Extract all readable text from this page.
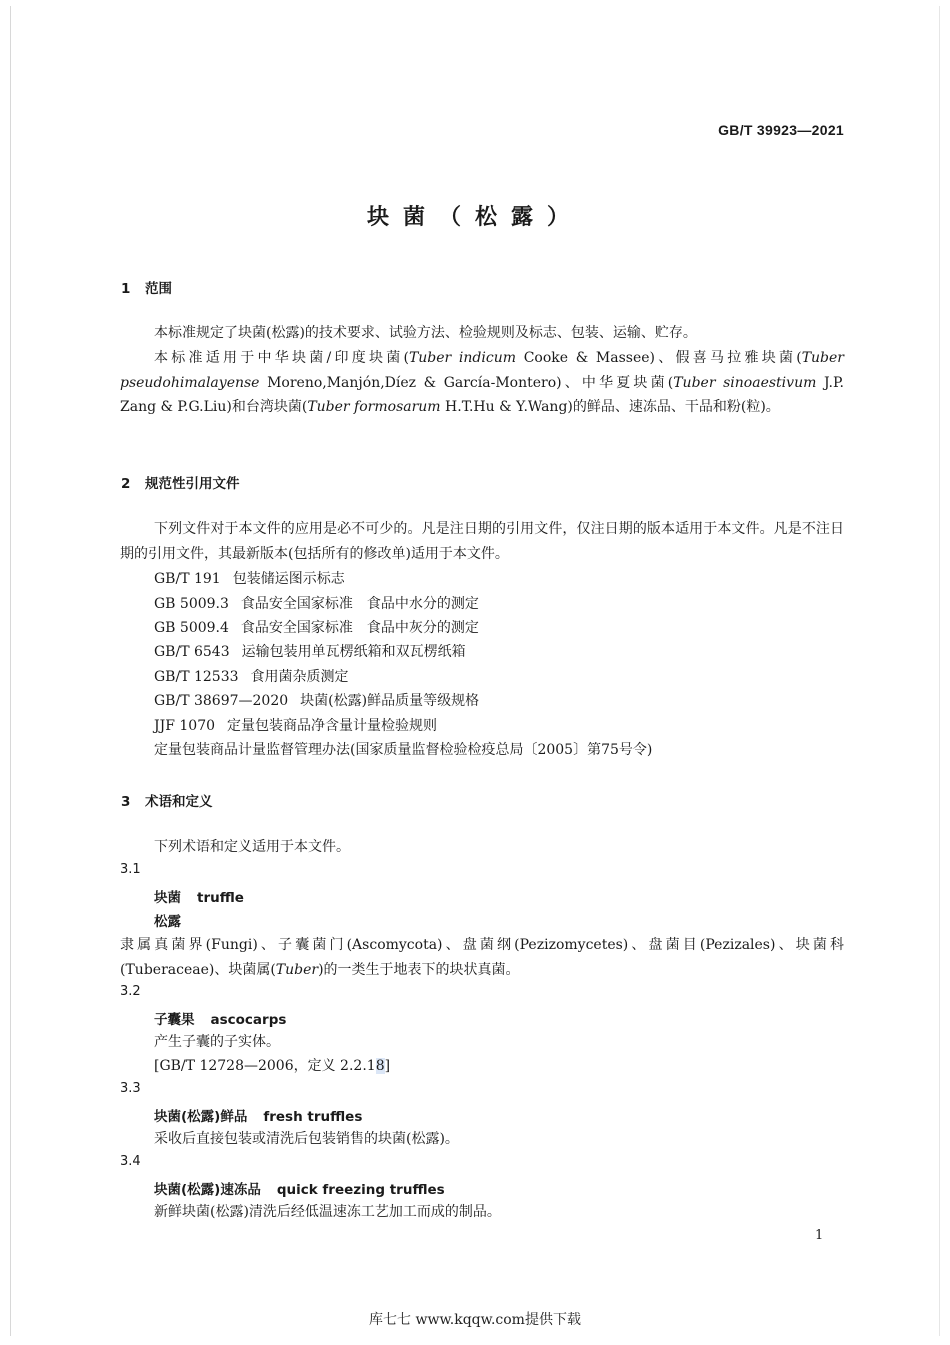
GB/T 39923—2021
块菌（松露）
1 范围
本标准规定了块菌(松露)的技术要求、试验方法、检验规则及标志、包装、运输、贮存。
本标准适用于中华块菌/印度块菌(Tuber indicum Cooke & Massee)、假喜马拉雅块菌(Tuber pseudohimalayense Moreno,Manjón,Díez & García-Montero)、中华夏块菌(Tuber sinoaestivum J.P. Zang & P.G.Liu)和台湾块菌(Tuber formosarum H.T.Hu & Y.Wang)的鲜品、速冻品、干品和粉(粒)。
2 规范性引用文件
下列文件对于本文件的应用是必不可少的。凡是注日期的引用文件，仅注日期的版本适用于本文件。凡是不注日期的引用文件，其最新版本(包括所有的修改单)适用于本文件。
GB/T 191 包装储运图示标志
GB 5009.3 食品安全国家标准　食品中水分的测定
GB 5009.4 食品安全国家标准　食品中灰分的测定
GB/T 6543 运输包装用单瓦楞纸箱和双瓦楞纸箱
GB/T 12533 食用菌杂质测定
GB/T 38697—2020 块菌(松露)鲜品质量等级规格
JJF 1070 定量包装商品净含量计量检验规则
定量包装商品计量监督管理办法(国家质量监督检验检疫总局〔2005〕第75号令)
3 术语和定义
下列术语和定义适用于本文件。
3.1
块菌 truffle
松露
隶属真菌界(Fungi)、子囊菌门(Ascomycota)、盘菌纲(Pezizomycetes)、盘菌目(Pezizales)、块菌科(Tuberaceae)、块菌属(Tuber)的一类生于地表下的块状真菌。
3.2
子囊果 ascocarps
产生子囊的子实体。
[GB/T 12728—2006，定义 2.2.18]
3.3
块菌(松露)鲜品 fresh truffles
采收后直接包装或清洗后包装销售的块菌(松露)。
3.4
块菌(松露)速冻品 quick freezing truffles
新鲜块菌(松露)清洗后经低温速冻工艺加工而成的制品。
1
库七七 www.kqqw.com提供下载
